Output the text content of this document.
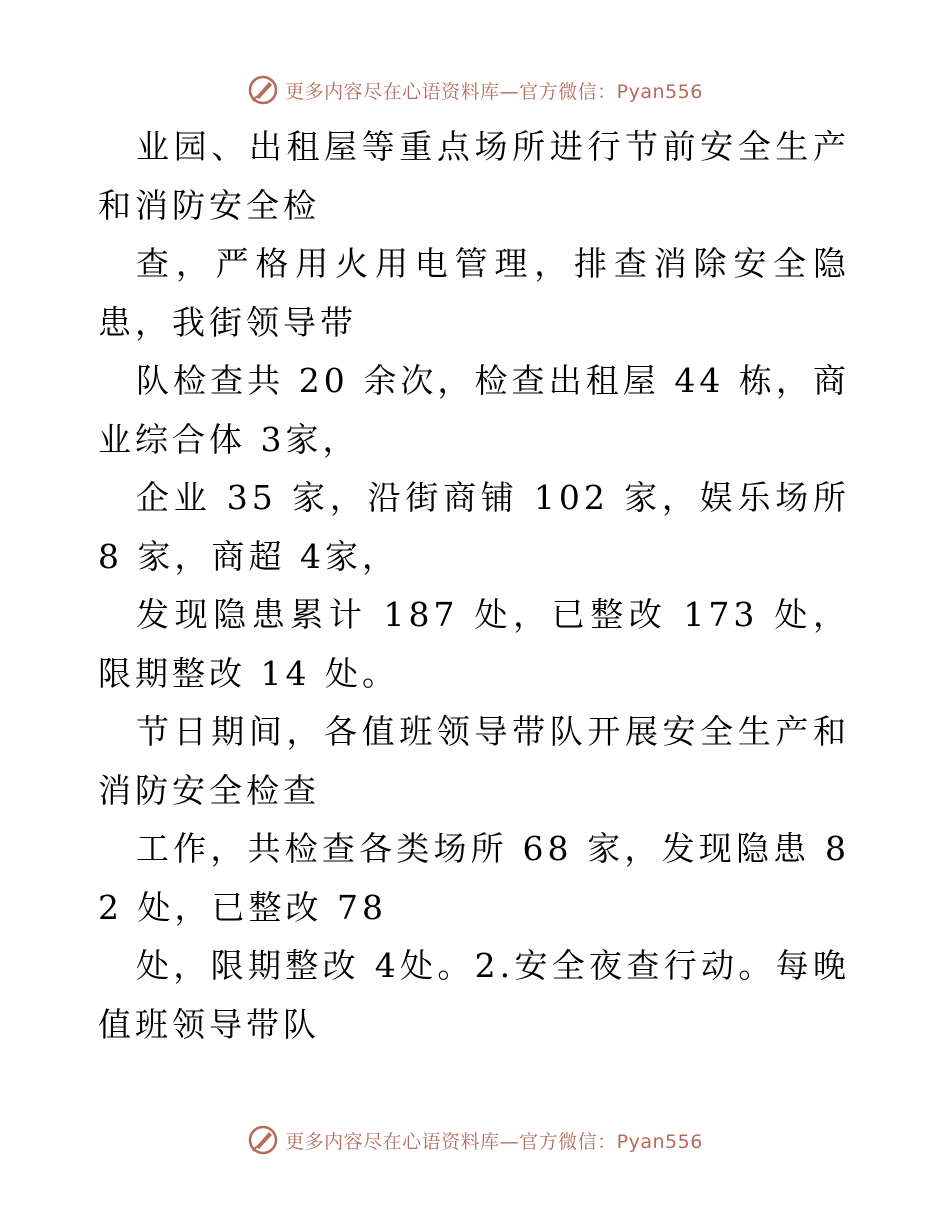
更多内容尽在心语资料库—官方微信：Pyan556

业园、出租屋等重点场所进行节前安全生产和消防安全检

查，严格用火用电管理，排查消除安全隐患，我街领导带

队检查共 20 余次，检查出租屋 44 栋，商业综合体 3家，

企业 35 家，沿街商铺 102 家，娱乐场所 8 家，商超 4家，

发现隐患累计 187 处，已整改 173 处，限期整改 14 处。

节日期间，各值班领导带队开展安全生产和消防安全检查

工作，共检查各类场所 68 家，发现隐患 82 处，已整改 78

处，限期整改 4处。2.安全夜查行动。每晚值班领导带队

更多内容尽在心语资料库—官方微信：Pyan556
